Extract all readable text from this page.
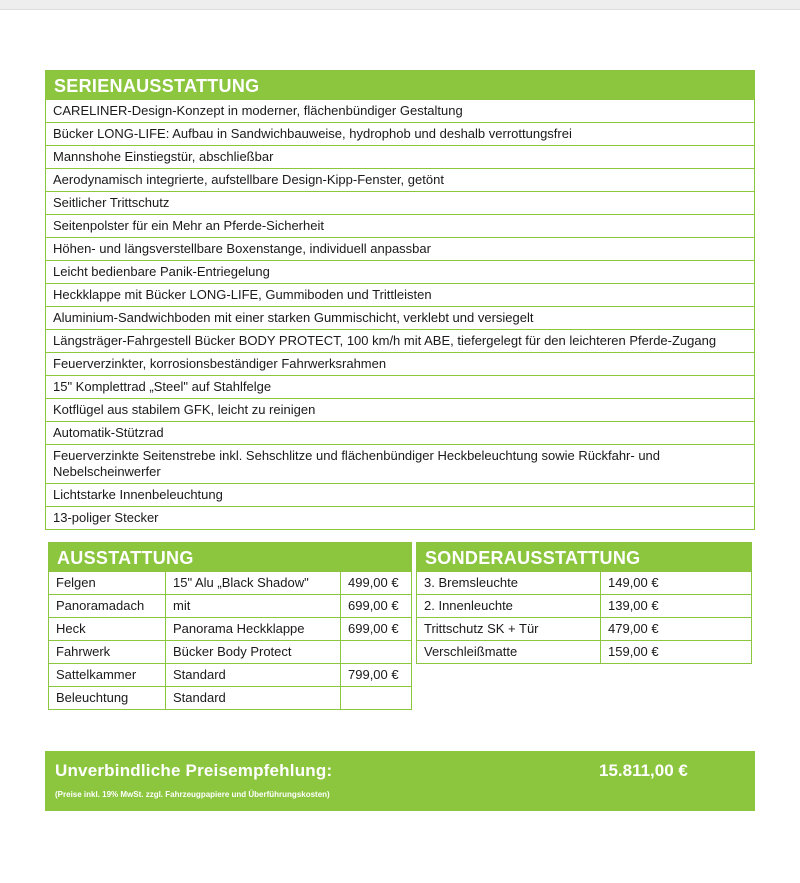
SERIENAUSSTATTUNG
CARELINER-Design-Konzept in moderner, flächenbündiger Gestaltung
Bücker LONG-LIFE: Aufbau in Sandwichbauweise, hydrophob und deshalb verrottungsfrei
Mannshohe Einstiegstür, abschließbar
Aerodynamisch integrierte, aufstellbare Design-Kipp-Fenster, getönt
Seitlicher Trittschutz
Seitenpolster für ein Mehr an Pferde-Sicherheit
Höhen- und längsverstellbare Boxenstange, individuell anpassbar
Leicht bedienbare Panik-Entriegelung
Heckklappe mit Bücker LONG-LIFE, Gummiboden und Trittleisten
Aluminium-Sandwichboden mit einer starken Gummischicht, verklebt und versiegelt
Längsträger-Fahrgestell Bücker BODY PROTECT, 100 km/h mit ABE, tiefergelegt für den leichteren Pferde-Zugang
Feuerverzinkter, korrosionsbeständiger Fahrwerksrahmen
15" Komplettrad „Steel" auf Stahlfelge
Kotflügel aus stabilem GFK, leicht zu reinigen
Automatik-Stützrad
Feuerverzinkte Seitenstrebe inkl. Sehschlitze und flächenbündiger Heckbeleuchtung sowie Rückfahr- und Nebelscheinwerfer
Lichtstarke Innenbeleuchtung
13-poliger Stecker
AUSSTATTUNG
Felgen	15" Alu „Black Shadow"	499,00 €
Panoramadach	mit	699,00 €
Heck	Panorama Heckklappe	699,00 €
Fahrwerk	Bücker Body Protect	
Sattelkammer	Standard	799,00 €
Beleuchtung	Standard	
SONDERAUSSTATTUNG
3. Bremsleuchte	149,00 €
2. Innenleuchte	139,00 €
Trittschutz SK + Tür	479,00 €
Verschleißmatte	159,00 €
Unverbindliche Preisempfehlung:	15.811,00 €
(Preise inkl. 19% MwSt. zzgl. Fahrzeugpapiere und Überführungskosten)
